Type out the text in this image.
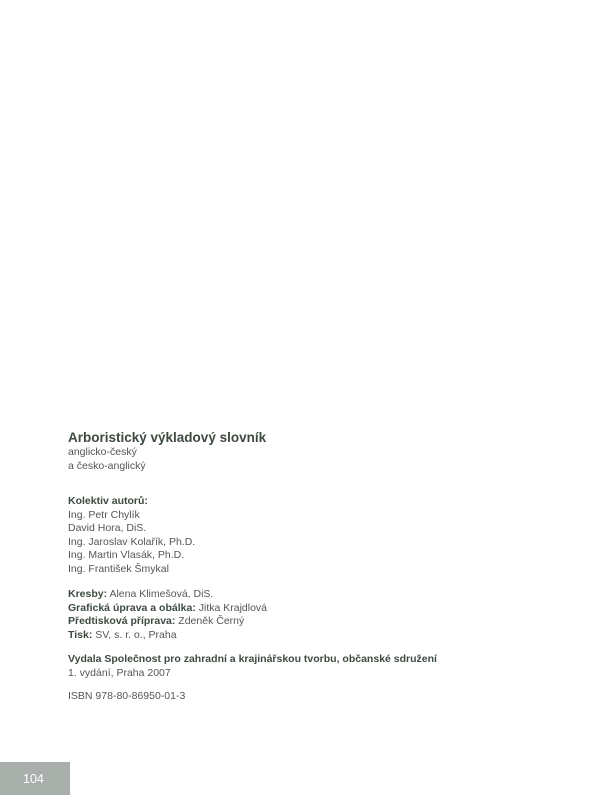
Arboristický výkladový slovník
anglicko-český
a česko-anglický
Kolektiv autorů:
Ing. Petr Chylík
David Hora, DiS.
Ing. Jaroslav Kolařík, Ph.D.
Ing. Martin Vlasák, Ph.D.
Ing. František Šmykal
Kresby: Alena Klimešová, DiS.
Grafická úprava a obálka: Jitka Krajdlová
Předtisková příprava: Zdeněk Černý
Tisk: SV, s. r. o., Praha
Vydala Společnost pro zahradní a krajinářskou tvorbu, občanské sdružení
1. vydání, Praha 2007
ISBN 978-80-86950-01-3
104
